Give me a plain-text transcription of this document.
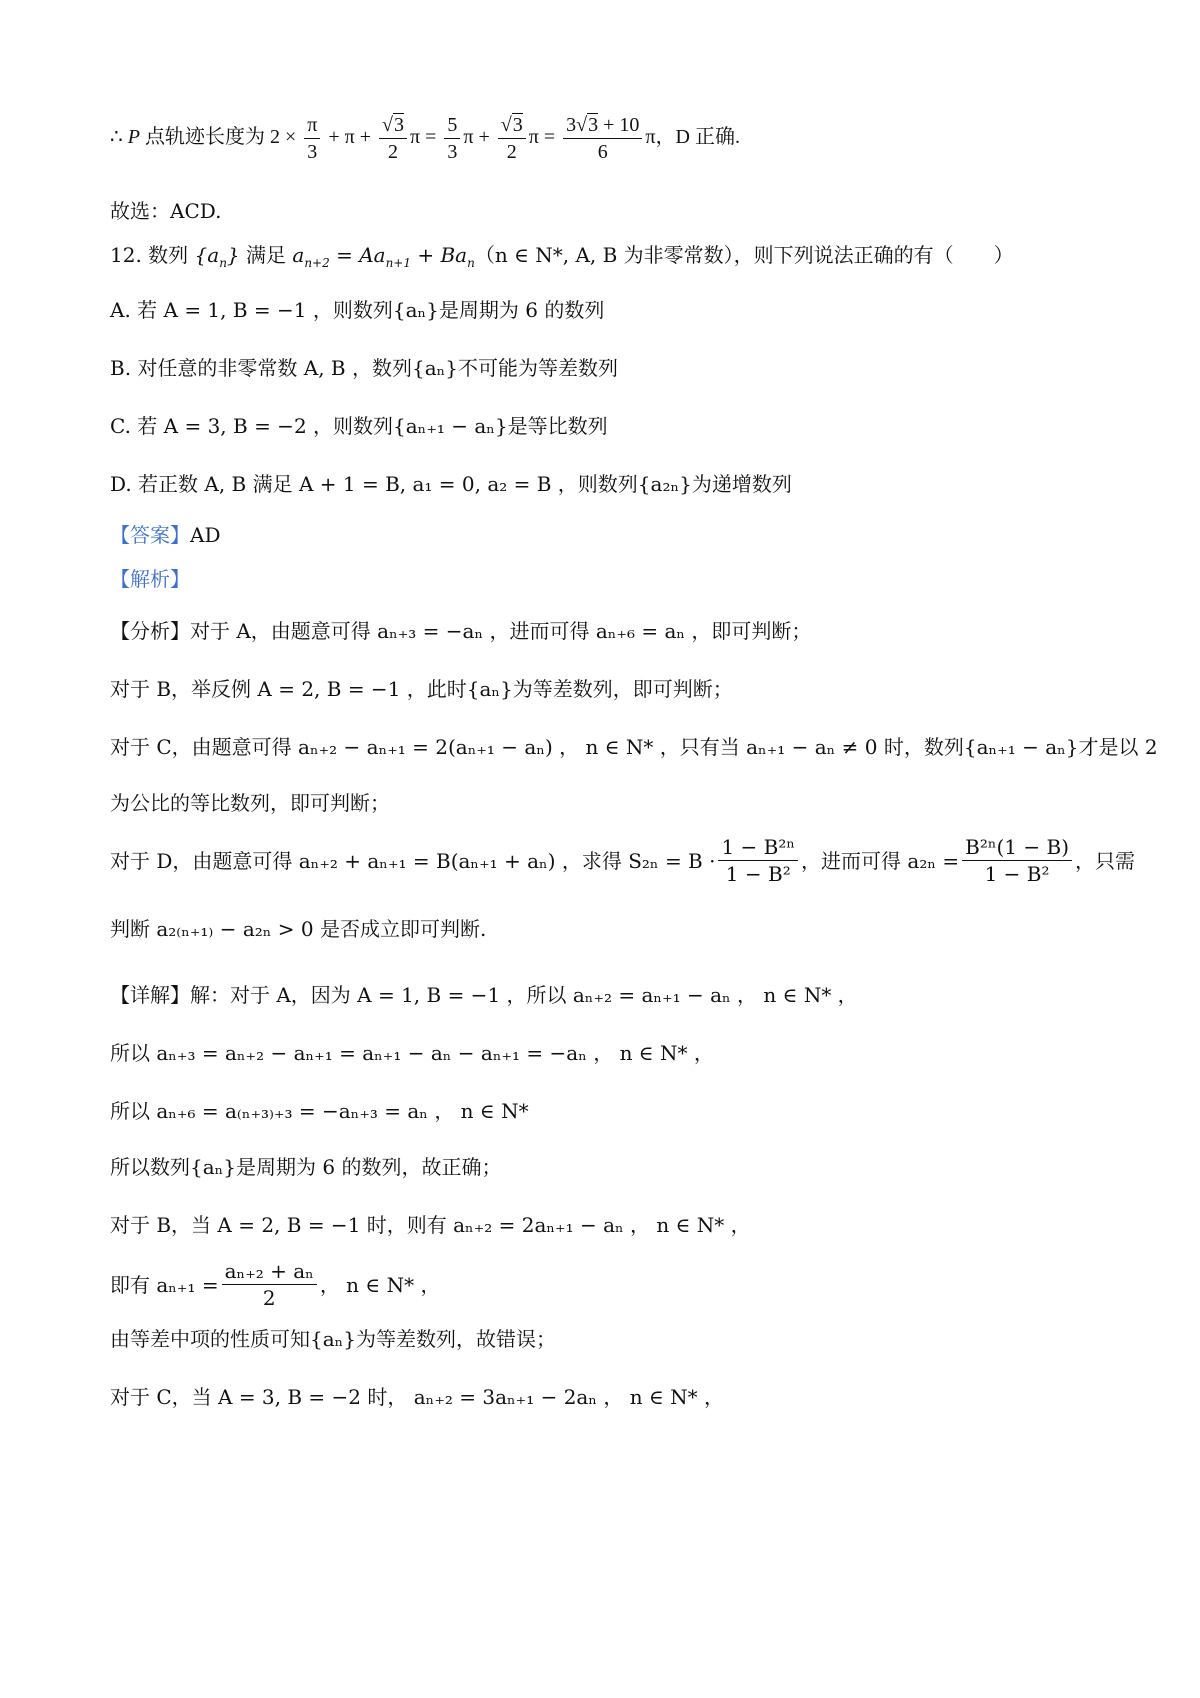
∴ P 点轨迹长度为 $2 \times \frac{\pi}{3} + \pi + \frac{√3}{2}$ $\pi = \frac{5}{3}$ $\pi + \frac{√3}{2}$ $\pi = \frac{3√3 + 10}{6}$ π，D 正确.
故选：ACD.
12. 数列 $\{a_n\}$ 满足 $a_{n+2} = Aa_{n+1} + Ba_n(n$ ∈ N*, A, B 为非零常数），则下列说法正确的有（　　）
A. 若 A = 1, B = −1 ，则数列{aₙ}是周期为 6 的数列
B. 对任意的非零常数 A, B ，数列{aₙ}不可能为等差数列
C. 若 A = 3, B = −2 ，则数列{aₙ₊₁ − aₙ}是等比数列
D. 若正数 A, B 满足 A + 1 = B, a₁ = 0, a₂ = B ，则数列{a₂ₙ}为递增数列
【答案】AD
【解析】
【分析】对于 A，由题意可得 aₙ₊₃ = −aₙ ，进而可得 aₙ₊₆ = aₙ ，即可判断；
对于 B，举反例 A = 2, B = −1 ，此时{aₙ}为等差数列，即可判断；
对于 C，由题意可得 aₙ₊₂ − aₙ₊₁ = 2(aₙ₊₁ − aₙ) ， n ∈ N* ，只有当 aₙ₊₁ − aₙ ≠ 0 时，数列{aₙ₊₁ − aₙ}才是以 2
为公比的等比数列，即可判断；
对于 D，由题意可得 aₙ₊₂ + aₙ₊₁ = B(aₙ₊₁ + aₙ) ，求得 $S_{2n} = B \cdot \frac{\text{1 − B²ⁿ}}{\text{1 − B²}}$ ，进而可得 $a_{2n} = \frac{\text{B²ⁿ(1 − B)}}{\text{1 − B²}}$ ，只需
判断 a₂₍ₙ₊₁₎ − a₂ₙ > 0 是否成立即可判断.
【详解】解：对于 A，因为 A = 1, B = −1 ，所以 aₙ₊₂ = aₙ₊₁ − aₙ ， n ∈ N* ，
所以 aₙ₊₃ = aₙ₊₂ − aₙ₊₁ = aₙ₊₁ − aₙ − aₙ₊₁ = −aₙ ， n ∈ N* ，
所以 aₙ₊₆ = a₍ₙ₊₃₎₊₃ = −aₙ₊₃ = aₙ ， n ∈ N*
所以数列{aₙ}是周期为 6 的数列，故正确；
对于 B，当 A = 2, B = −1 时，则有 aₙ₊₂ = 2aₙ₊₁ − aₙ ， n ∈ N* ，
即有 $a_{n+1} = \frac{\text{aₙ₊₂ + aₙ}}{2}$ ， n ∈ N* ，
由等差中项的性质可知{aₙ}为等差数列，故错误；
对于 C，当 A = 3, B = −2 时， aₙ₊₂ = 3aₙ₊₁ − 2aₙ ， n ∈ N* ，
